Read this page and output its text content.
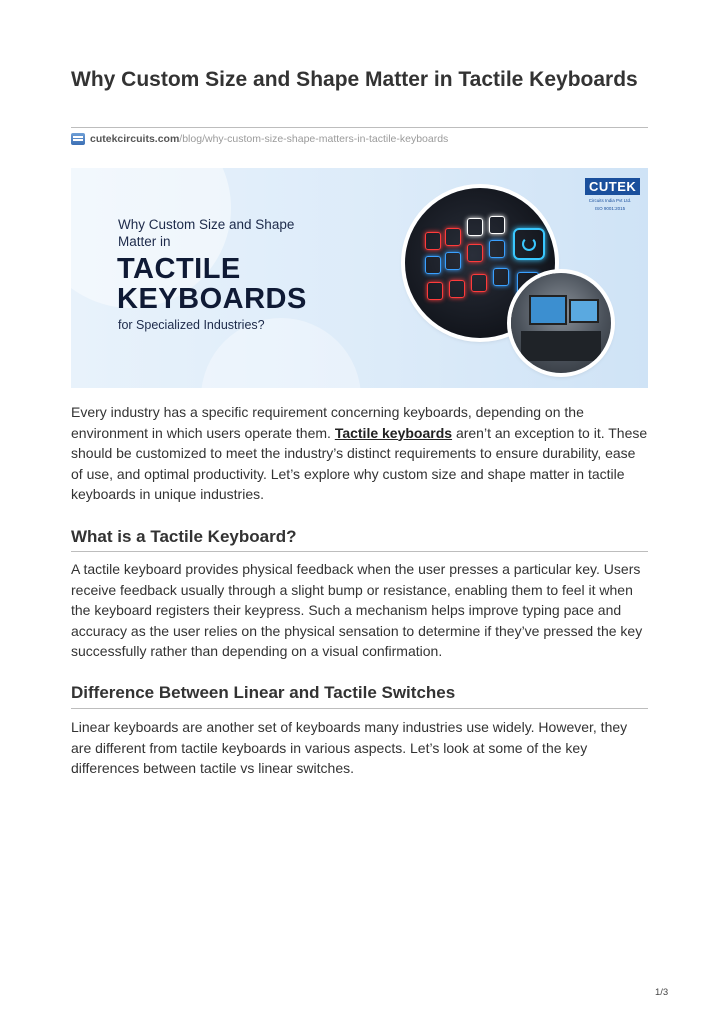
Why Custom Size and Shape Matter in Tactile Keyboards
cutekcircuits.com /blog/why-custom-size-shape-matters-in-tactile-keyboards
Why Custom Size and Shape Matter in
TACTILE
KEYBOARDS
for Specialized Industries?
CUTEK
Circuits India Pvt Ltd.
ISO 9001:2015

Every industry has a specific requirement concerning keyboards, depending on the environment in which users operate them. Tactile keyboards aren’t an exception to it. These should be customized to meet the industry’s distinct requirements to ensure durability, ease of use, and optimal productivity. Let’s explore why custom size and shape matter in tactile keyboards in unique industries.

What is a Tactile Keyboard?

A tactile keyboard provides physical feedback when the user presses a particular key. Users receive feedback usually through a slight bump or resistance, enabling them to feel it when the keyboard registers their keypress. Such a mechanism helps improve typing pace and accuracy as the user relies on the physical sensation to determine if they’ve pressed the key successfully rather than depending on a visual confirmation.

Difference Between Linear and Tactile Switches

Linear keyboards are another set of keyboards many industries use widely. However, they are different from tactile keyboards in various aspects. Let’s look at some of the key differences between tactile vs linear switches.

1/3
